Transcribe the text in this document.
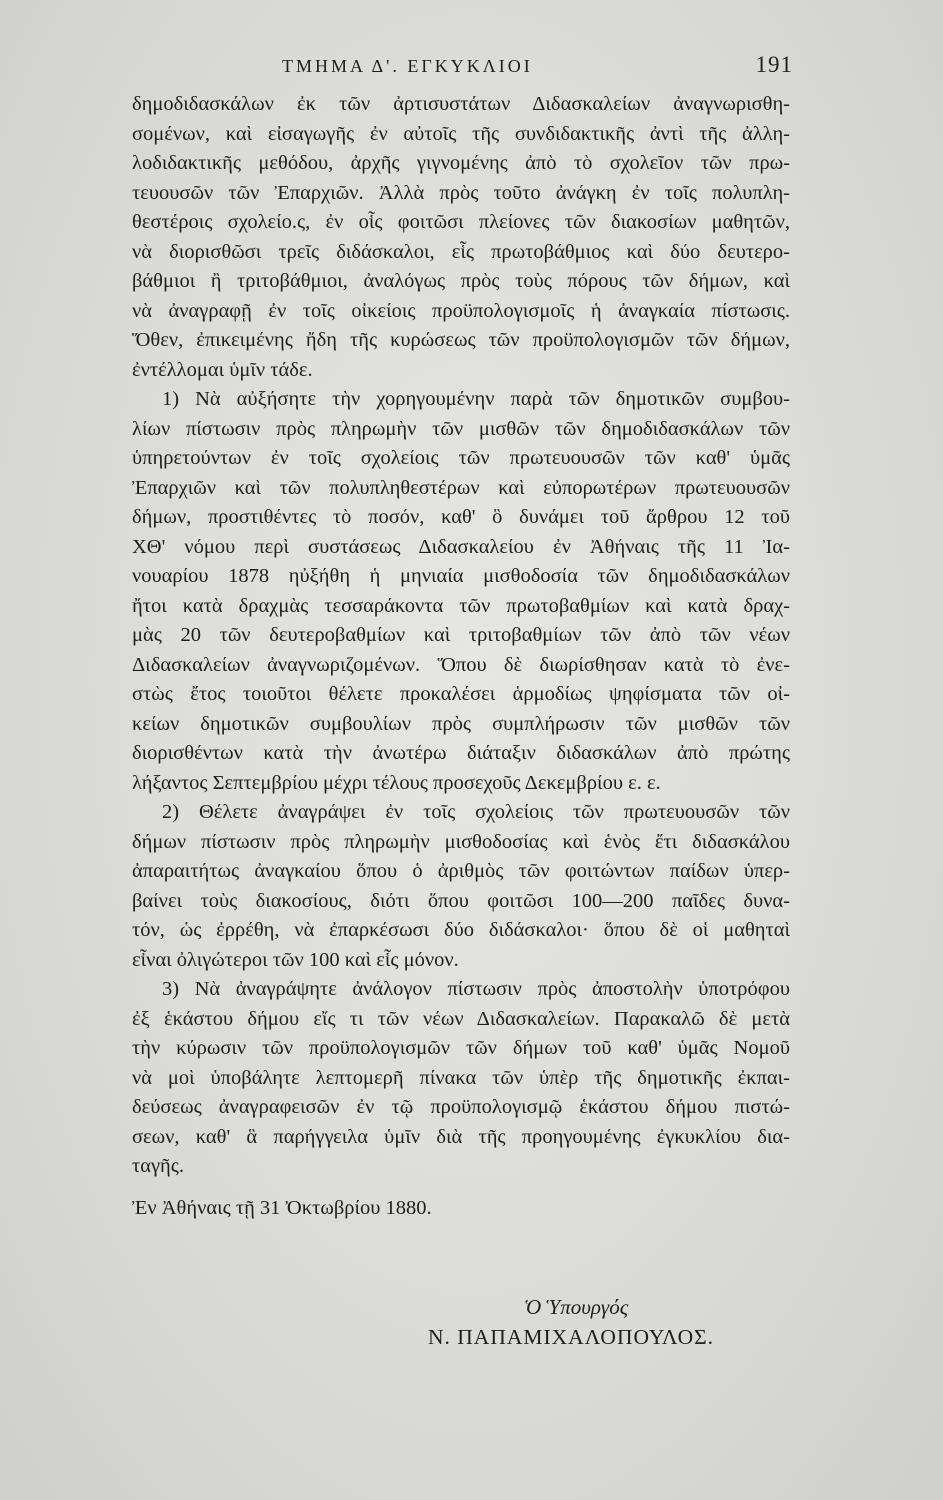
ΤΜΗΜΑ Δ'. ΕΓΚΥΚΛΙΟΙ	191
δημοδιδασκάλων ἐκ τῶν ἀρτισυστάτων Διδασκαλείων ἀναγνωρισθη-
σομένων, καὶ εἰσαγωγῆς ἐν αὐτοῖς τῆς συνδιδακτικῆς ἀντὶ τῆς ἀλλη-
λοδιδακτικῆς μεθόδου, ἀρχῆς γιγνομένης ἀπὸ τὸ σχολεῖον τῶν πρω-
τευουσῶν τῶν Ἐπαρχιῶν. Ἀλλὰ πρὸς τοῦτο ἀνάγκη ἐν τοῖς πολυπλη-
θεστέροις σχολείο.ς, ἐν οἷς φοιτῶσι πλείονες τῶν διακοσίων μαθητῶν,
νὰ διορισθῶσι τρεῖς διδάσκαλοι, εἷς πρωτοβάθμιος καὶ δύο δευτερο-
βάθμιοι ἢ τριτοβάθμιοι, ἀναλόγως πρὸς τοὺς πόρους τῶν δήμων, καὶ
νὰ ἀναγραφῇ ἐν τοῖς οἰκείοις προϋπολογισμοῖς ἡ ἀναγκαία πίστωσις.
Ὅθεν, ἐπικειμένης ἤδη τῆς κυρώσεως τῶν προϋπολογισμῶν τῶν δήμων,
ἐντέλλομαι ὑμῖν τάδε.
1) Νὰ αὐξήσητε τὴν χορηγουμένην παρὰ τῶν δημοτικῶν συμβου-
λίων πίστωσιν πρὸς πληρωμὴν τῶν μισθῶν τῶν δημοδιδασκάλων τῶν
ὑπηρετούντων ἐν τοῖς σχολείοις τῶν πρωτευουσῶν τῶν καθ' ὑμᾶς
Ἐπαρχιῶν καὶ τῶν πολυπληθεστέρων καὶ εὐπορωτέρων πρωτευουσῶν
δήμων, προστιθέντες τὸ ποσόν, καθ' ὃ δυνάμει τοῦ ἄρθρου 12 τοῦ
ΧΘ' νόμου περὶ συστάσεως Διδασκαλείου ἐν Ἀθήναις τῆς 11 Ἰα-
νουαρίου 1878 ηὐξήθη ἡ μηνιαία μισθοδοσία τῶν δημοδιδασκάλων
ἤτοι κατὰ δραχμὰς τεσσαράκοντα τῶν πρωτοβαθμίων καὶ κατὰ δραχ-
μὰς 20 τῶν δευτεροβαθμίων καὶ τριτοβαθμίων τῶν ἀπὸ τῶν νέων
Διδασκαλείων ἀναγνωριζομένων. Ὅπου δὲ διωρίσθησαν κατὰ τὸ ἐνε-
στὼς ἔτος τοιοῦτοι θέλετε προκαλέσει ἁρμοδίως ψηφίσματα τῶν οἰ-
κείων δημοτικῶν συμβουλίων πρὸς συμπλήρωσιν τῶν μισθῶν τῶν
διορισθέντων κατὰ τὴν ἀνωτέρω διάταξιν διδασκάλων ἀπὸ πρώτης
λήξαντος Σεπτεμβρίου μέχρι τέλους προσεχοῦς Δεκεμβρίου ε. ε.
2) Θέλετε ἀναγράψει ἐν τοῖς σχολείοις τῶν πρωτευουσῶν τῶν
δήμων πίστωσιν πρὸς πληρωμὴν μισθοδοσίας καὶ ἑνὸς ἔτι διδασκάλου
ἀπαραιτήτως ἀναγκαίου ὅπου ὁ ἀριθμὸς τῶν φοιτώντων παίδων ὑπερ-
βαίνει τοὺς διακοσίους, διότι ὅπου φοιτῶσι 100—200 παῖδες δυνα-
τόν, ὡς ἐρρέθη, νὰ ἐπαρκέσωσι δύο διδάσκαλοι· ὅπου δὲ οἱ μαθηταὶ
εἶναι ὀλιγώτεροι τῶν 100 καὶ εἷς μόνον.
3) Νὰ ἀναγράψητε ἀνάλογον πίστωσιν πρὸς ἀποστολὴν ὑποτρόφου
ἐξ ἑκάστου δήμου εἴς τι τῶν νέων Διδασκαλείων. Παρακαλῶ δὲ μετὰ
τὴν κύρωσιν τῶν προϋπολογισμῶν τῶν δήμων τοῦ καθ' ὑμᾶς Νομοῦ
νὰ μοὶ ὑποβάλητε λεπτομερῆ πίνακα τῶν ὑπὲρ τῆς δημοτικῆς ἐκπαι-
δεύσεως ἀναγραφεισῶν ἐν τῷ προϋπολογισμῷ ἑκάστου δήμου πιστώ-
σεων, καθ' ἃ παρήγγειλα ὑμῖν διὰ τῆς προηγουμένης ἐγκυκλίου δια-
ταγῆς.
Ἐν Ἀθήναις τῇ 31 Ὀκτωβρίου 1880.
Ὁ Ὑπουργός
Ν. ΠΑΠΑΜΙΧΑΛΟΠΟΥΛΟΣ.
